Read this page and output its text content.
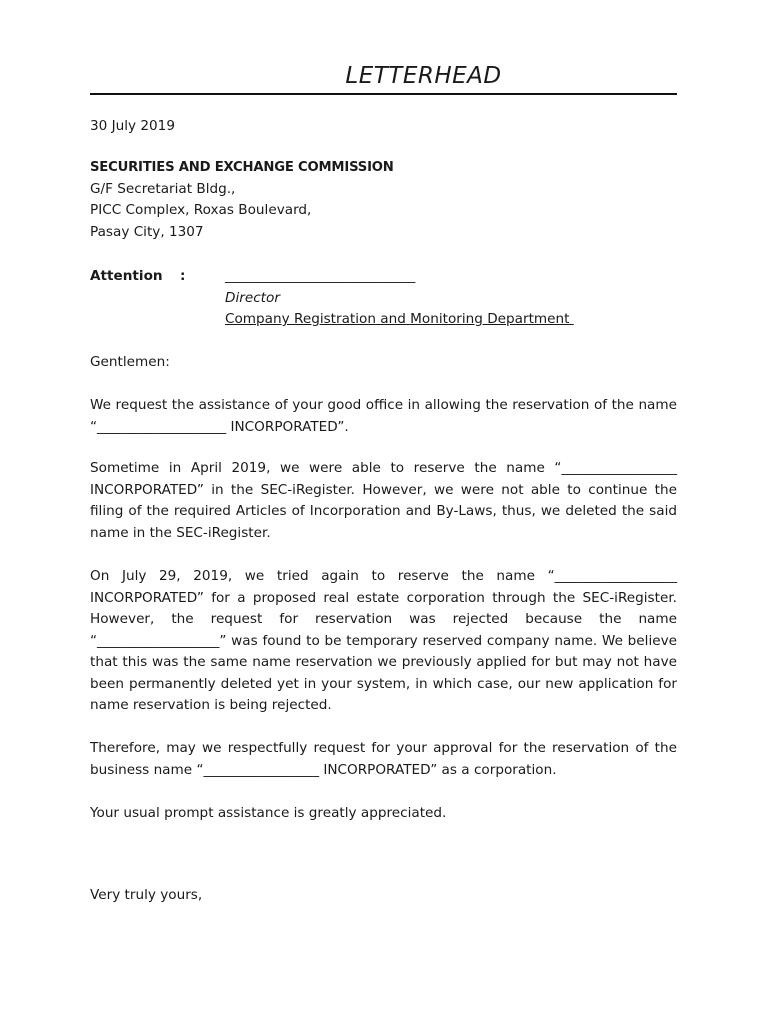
LETTERHEAD
30 July 2019
SECURITIES AND EXCHANGE COMMISSION
G/F Secretariat Bldg.,
PICC Complex, Roxas Boulevard,
Pasay City, 1307
Attention :	____________________________
Director
Company Registration and Monitoring Department
Gentlemen:

We request the assistance of your good office in allowing the reservation of the name “___________________ INCORPORATED”.

Sometime in April 2019, we were able to reserve the name “_________________ INCORPORATED” in the SEC-iRegister. However, we were not able to continue the filing of the required Articles of Incorporation and By-Laws, thus, we deleted the said name in the SEC-iRegister.

On July 29, 2019, we tried again to reserve the name “__________________ INCORPORATED” for a proposed real estate corporation through the SEC-iRegister. However, the request for reservation was rejected because the name “__________________” was found to be temporary reserved company name. We believe that this was the same name reservation we previously applied for but may not have been permanently deleted yet in your system, in which case, our new application for name reservation is being rejected.

Therefore, may we respectfully request for your approval for the reservation of the business name “_________________ INCORPORATED” as a corporation.

Your usual prompt assistance is greatly appreciated.

Very truly yours,
